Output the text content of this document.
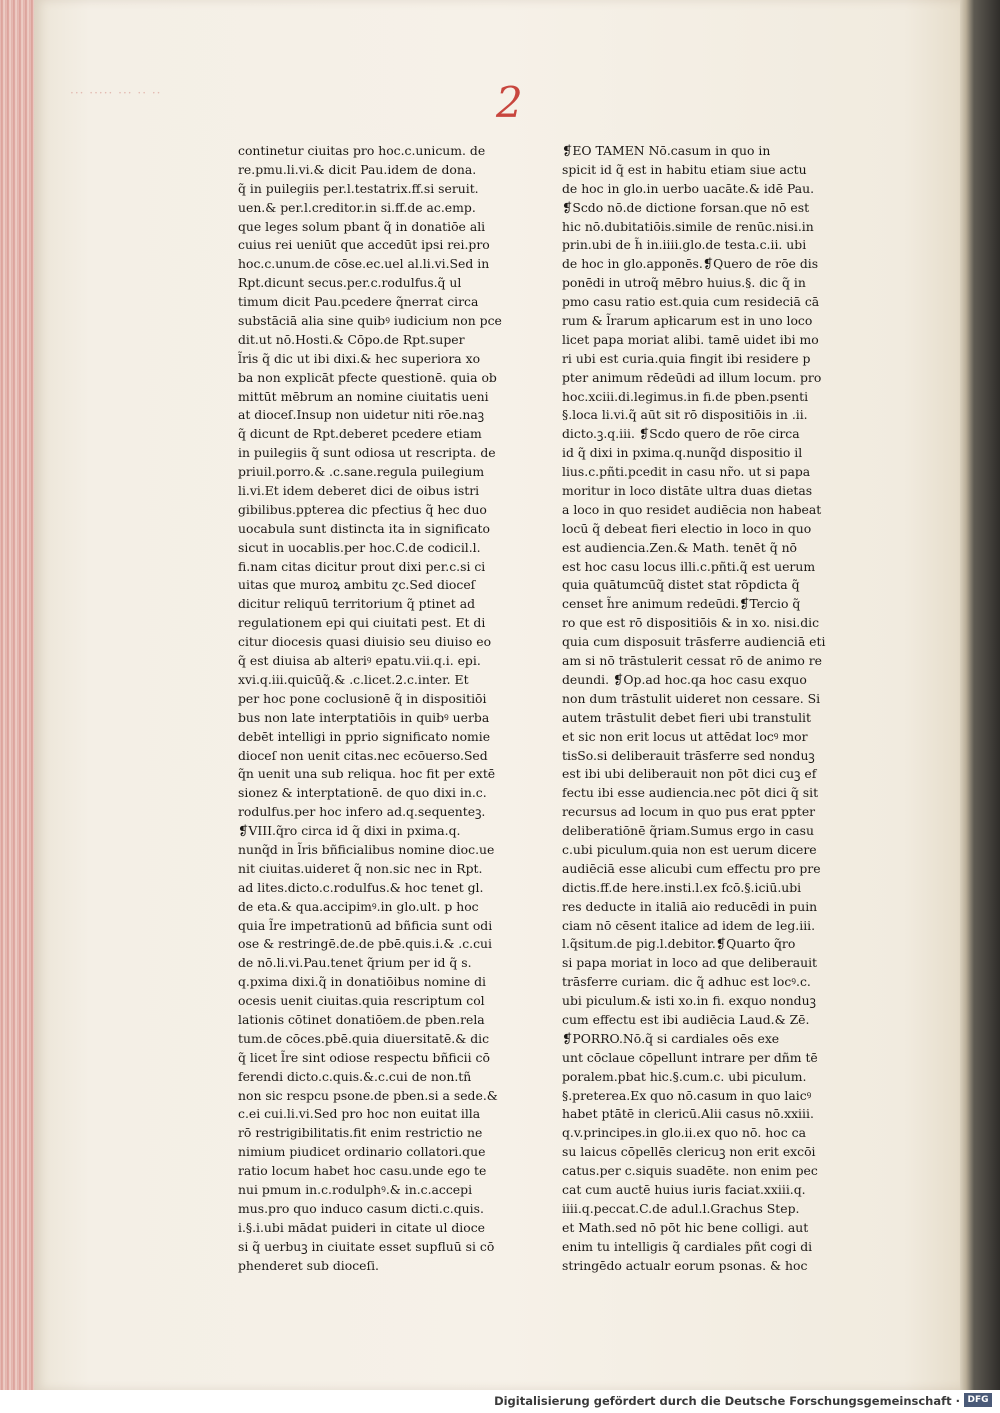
··· ····· ··· ·· ··	2
continetur ciuitas pro hoc.c.unicum. de
re.pmu.li.vi.& dicit Pau.idem de dona.
q̃ in puilegiis per.l.testatrix.ff.si seruit.
uen.& per.l.creditor.in si.ff.de ac.emp.
que leges solum pbant q̃ in donatiōe ali
cuius rei ueniūt que accedūt ipsi rei.pro
hoc.c.unum.de cōse.ec.uel al.li.vi.Sed in
Rpt.dicunt secus.per.c.rodulfus.q̃ ul
timum dicit Pau.pcedere q̃nerrat circa
substāciā alia sine quibꝰ iudicium non pce
dit.ut nō.Hosti.& Cōpo.de Rpt.super
l̃ris q̃ dic ut ibi dixi.& hec superiora xo
ba non explicāt pfecte questionē. quia ob
mittūt mēbrum an nomine ciuitatis ueni
at dioceſ.Insup non uidetur niti rōe.naꝫ
q̃ dicunt de Rpt.deberet pcedere etiam
in puilegiis q̃ sunt odiosa ut rescripta. de
priuil.porro.& .c.sane.regula puilegium
li.vi.Et idem deberet dici de oibus istri
gibilibus.ppterea dic pfectius q̃ hec duo
uocabula sunt distincta ita in significato
sicut in uocablis.per hoc.C.de codicil.l.
fi.nam citas dicitur prout dixi per.c.si ci
uitas que muroꝝ ambitu ɀc.Sed dioceſ
dicitur reliquū territorium q̃ ptinet ad
regulationem epi qui ciuitati pest. Et di
citur diocesis quasi diuisio seu diuiso eo
q̃ est diuisa ab alteriꝰ epatu.vii.q.i. epi.
xvi.q.iii.quicūq̃.& .c.licet.2.c.inter. Et
per hoc pone coclusionē q̃ in dispositiōi
bus non late interptatiōis in quibꝰ uerba
debēt intelligi in pprio significato nomie
dioceſ non uenit citas.nec ecōuerso.Sed
q̃n uenit una sub reliqua. hoc fit per extē
sionez & interptationē. de quo dixi in.c.
rodulfus.per hoc infero ad.q.sequenteꝫ.
❡VIII.q̃ro circa id q̃ dixi in pxima.q.
nunq̃d in l̃ris bñficialibus nomine dioc.ue
nit ciuitas.uideret q̃ non.sic nec in Rpt.
ad lites.dicto.c.rodulfus.& hoc tenet gl.
de eta.& qua.accipimꝰ.in glo.ult. p hoc
quia l̃re impetrationū ad bñficia sunt odi
ose & restringē.de.de pbē.quis.i.& .c.cui
de nō.li.vi.Pau.tenet q̃rium per id q̃ s.
q.pxima dixi.q̃ in donatiōibus nomine di
ocesis uenit ciuitas.quia rescriptum col
lationis cōtinet donatiōem.de pben.rela
tum.de cōces.pbē.quia diuersitatē.& dic
q̃ licet l̃re sint odiose respectu bñficii cō
ferendi dicto.c.quis.&.c.cui de non.tñ
non sic respcu psone.de pben.si a sede.&
c.ei cui.li.vi.Sed pro hoc non euitat illa
rō restrigibilitatis.fit enim restrictio ne
nimium piudicet ordinario collatori.que
ratio locum habet hoc casu.unde ego te
nui pmum in.c.rodulphꝰ.& in.c.accepi
mus.pro quo induco casum dicti.c.quis.
i.§.i.ubi mādat puideri in citate ul dioce
si q̃ uerbuꝫ in ciuitate esset supfluū si cō
phenderet sub dioceſi.
❡EO TAMEN Nō.casum in quo in
spicit id q̃ est in habitu etiam siue actu
de hoc in glo.in uerbo uacāte.& idē Pau.
❡Scdo nō.de dictione forsan.que nō est
hic nō.dubitatiōis.simile de renūc.nisi.in
prin.ubi de h̃ in.iiii.glo.de testa.c.ii. ubi
de hoc in glo.apponēs.❡Quero de rōe dis
ponēdi in utroq̃ mēbro huius.§. dic q̃ in
pmo casu ratio est.quia cum resideciā cā
rum & l̃rarum apłicarum est in uno loco
licet papa moriat alibi. tamē uidet ibi mo
ri ubi est curia.quia fingit ibi residere p
pter animum rēdeūdi ad illum locum. pro
hoc.xciii.di.legimus.in fi.de pben.psenti
§.loca li.vi.q̃ aūt sit rō dispositiōis in .ii.
dicto.ꝫ.q.iii. ❡Scdo quero de rōe circa
id q̃ dixi in pxima.q.nunq̃d dispositio il
lius.c.pñti.pcedit in casu nr̃o. ut si papa
moritur in loco distāte ultra duas dietas
a loco in quo residet audiēcia non habeat
locū q̃ debeat fieri electio in loco in quo
est audiencia.Zen.& Math. tenēt q̃ nō
est hoc casu locus illi.c.pñti.q̃ est uerum
quia quātumcūq̃ distet stat rōpdicta q̃
censet h̃re animum redeūdi.❡Tercio q̃
ro que est rō dispositiōis & in xo. nisi.dic
quia cum disposuit trāsferre audienciā eti
am si nō trāstulerit cessat rō de animo re
deundi. ❡Op.ad hoc.qa hoc casu exquo
non dum trāstulit uideret non cessare. Si
autem trāstulit debet fieri ubi transtulit
et sic non erit locus ut attēdat locꝰ mor
tisSo.si deliberauit trāsferre sed nonduꝫ
est ibi ubi deliberauit non pōt dici cuꝫ ef
fectu ibi esse audiencia.nec pōt dici q̃ sit
recursus ad locum in quo pus erat ppter
deliberatiōnē q̃riam.Sumus ergo in casu
c.ubi piculum.quia non est uerum dicere
audiēciā esse alicubi cum effectu pro pre
dictis.ff.de here.insti.l.ex fcō.§.iciū.ubi
res deducte in italiā aio reducēdi in puin
ciam nō cēsent italice ad idem de leg.iii.
l.q̃situm.de pig.l.debitor.❡Quarto q̃ro
si papa moriat in loco ad que deliberauit
trāsferre curiam. dic q̃ adhuc est locꝰ.c.
ubi piculum.& isti xo.in fi. exquo nonduꝫ
cum effectu est ibi audiēcia Laud.& Zē.
❡PORRO.Nō.q̃ si cardiales oēs exe
unt cōclaue cōpellunt intrare per dñm tē
poralem.pbat hic.§.cum.c. ubi piculum.
§.preterea.Ex quo nō.casum in quo laicꝰ
habet ptātē in clericū.Alii casus nō.xxiii.
q.v.principes.in glo.ii.ex quo nō. hoc ca
su laicus cōpellēs clericuꝫ non erit excōi
catus.per c.siquis suadēte. non enim pec
cat cum auctē huius iuris faciat.xxiii.q.
iiii.q.peccat.C.de adul.l.Grachus Step.
et Math.sed nō pōt hic bene colligi. aut
enim tu intelligis q̃ cardiales pñt cogi di
stringēdo actualr eorum psonas. & hoc
Digitalisierung gefördert durch die Deutsche Forschungsgemeinschaft · DFG
